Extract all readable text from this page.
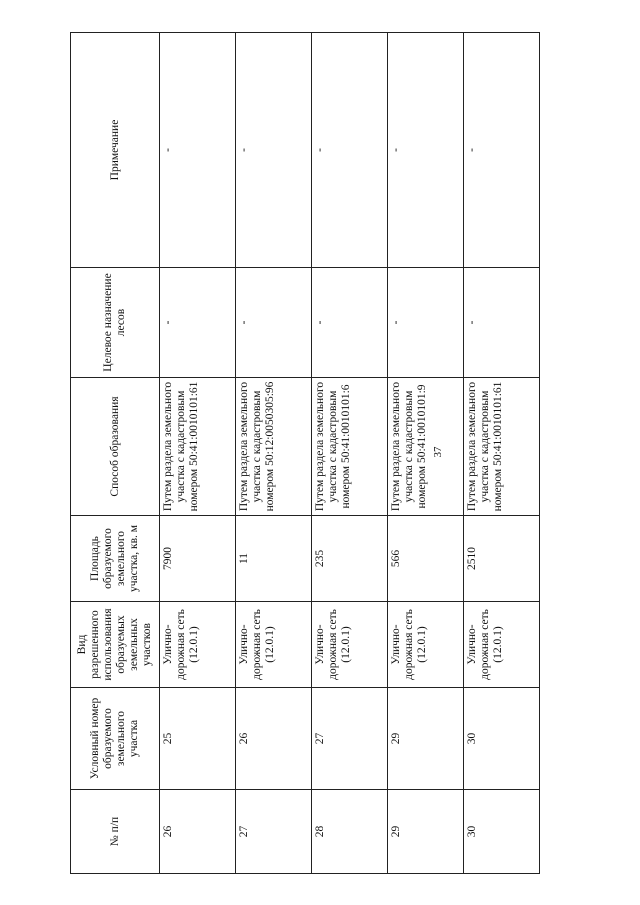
37
№ п/п	Условный номер образуемого земельного участка	Вид разрешенного использования образуемых земельных участков	Площадь образуемого земельного участка, кв. м	Способ образования	Целевое назначение лесов	Примечание
26	25	Улично-дорожная сеть (12.0.1)	7900	Путем раздела земельного участка с кадастровым номером 50:41:0010101:61	-	-
27	26	Улично-дорожная сеть (12.0.1)	11	Путем раздела земельного участка с кадастровым номером 50:12:0050305:96	-	-
28	27	Улично-дорожная сеть (12.0.1)	235	Путем раздела земельного участка с кадастровым номером 50:41:0010101:6	-	-
29	29	Улично-дорожная сеть (12.0.1)	566	Путем раздела земельного участка с кадастровым номером 50:41:0010101:9	-	-
30	30	Улично-дорожная сеть (12.0.1)	2510	Путем раздела земельного участка с кадастровым номером 50:41:0010101:61	-	-
